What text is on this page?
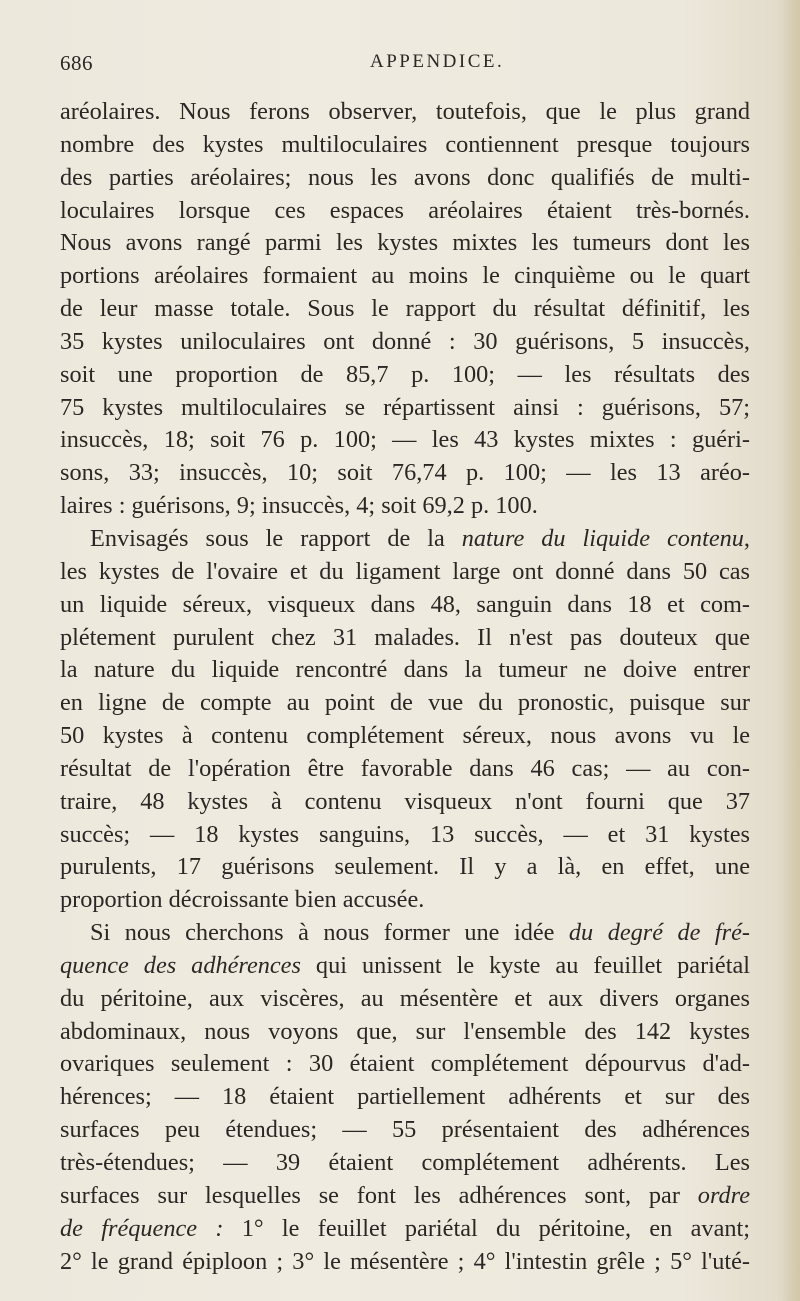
686	APPENDICE.
aréolaires. Nous ferons observer, toutefois, que le plus grand
nombre des kystes multiloculaires contiennent presque toujours
des parties aréolaires; nous les avons donc qualifiés de multi-
loculaires lorsque ces espaces aréolaires étaient très-bornés.
Nous avons rangé parmi les kystes mixtes les tumeurs dont les
portions aréolaires formaient au moins le cinquième ou le quart
de leur masse totale. Sous le rapport du résultat définitif, les
35 kystes uniloculaires ont donné : 30 guérisons, 5 insuccès,
soit une proportion de 85,7 p. 100; — les résultats des
75 kystes multiloculaires se répartissent ainsi : guérisons, 57;
insuccès, 18; soit 76 p. 100; — les 43 kystes mixtes : guéri-
sons, 33; insuccès, 10; soit 76,74 p. 100; — les 13 aréo-
laires : guérisons, 9; insuccès, 4; soit 69,2 p. 100.
Envisagés sous le rapport de la nature du liquide contenu,
les kystes de l'ovaire et du ligament large ont donné dans 50 cas
un liquide séreux, visqueux dans 48, sanguin dans 18 et com-
plétement purulent chez 31 malades. Il n'est pas douteux que
la nature du liquide rencontré dans la tumeur ne doive entrer
en ligne de compte au point de vue du pronostic, puisque sur
50 kystes à contenu complétement séreux, nous avons vu le
résultat de l'opération être favorable dans 46 cas; — au con-
traire, 48 kystes à contenu visqueux n'ont fourni que 37
succès; — 18 kystes sanguins, 13 succès, — et 31 kystes
purulents, 17 guérisons seulement. Il y a là, en effet, une
proportion décroissante bien accusée.
Si nous cherchons à nous former une idée du degré de fré-
quence des adhérences qui unissent le kyste au feuillet pariétal
du péritoine, aux viscères, au mésentère et aux divers organes
abdominaux, nous voyons que, sur l'ensemble des 142 kystes
ovariques seulement : 30 étaient complétement dépourvus d'ad-
hérences; — 18 étaient partiellement adhérents et sur des
surfaces peu étendues; — 55 présentaient des adhérences
très-étendues; — 39 étaient complétement adhérents. Les
surfaces sur lesquelles se font les adhérences sont, par ordre
de fréquence : 1° le feuillet pariétal du péritoine, en avant;
2° le grand épiploon ; 3° le mésentère ; 4° l'intestin grêle ; 5° l'uté-
